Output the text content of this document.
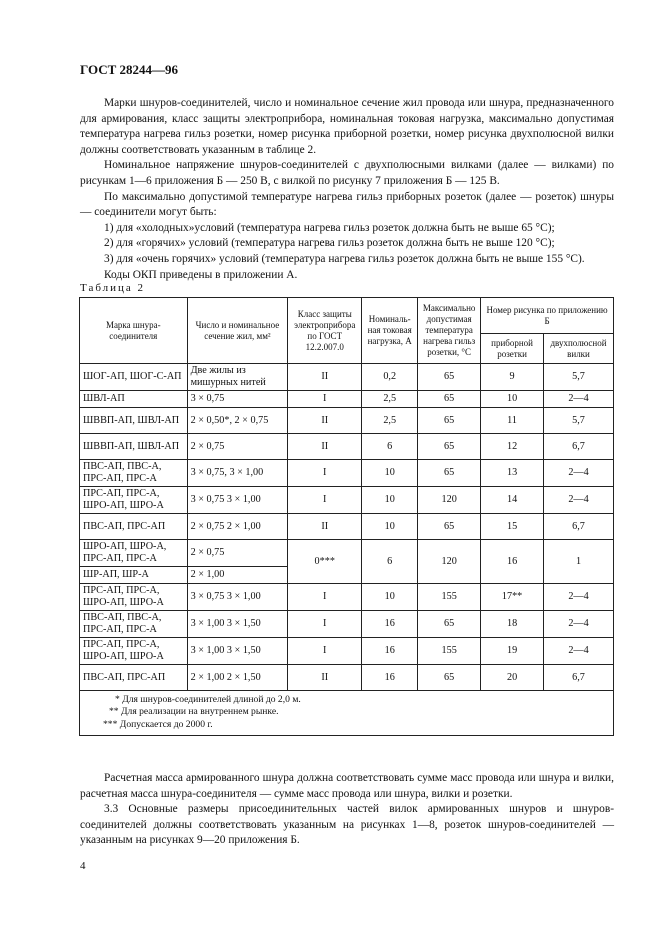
ГОСТ 28244—96

Марки шнуров-соединителей, число и номинальное сечение жил провода или шнура, предназначенного для армирования, класс защиты электроприбора, номинальная токовая нагрузка, максимально допустимая температура нагрева гильз розетки, номер рисунка приборной розетки, номер рисунка двухполюсной вилки должны соответствовать указанным в таблице 2.

Номинальное напряжение шнуров-соединителей с двухполюсными вилками (далее — вилками) по рисункам 1—6 приложения Б — 250 В, с вилкой по рисунку 7 приложения Б — 125 В.

По максимально допустимой температуре нагрева гильз приборных розеток (далее — розеток) шнуры — соединители могут быть:

1) для «холодных»условий (температура нагрева гильз розеток должна быть не выше 65 °С);

2) для «горячих» условий (температура нагрева гильз розеток должна быть не выше 120 °С);

3) для «очень горячих» условий (температура нагрева гильз розеток должна быть не выше 155 °С).

Коды ОКП приведены в приложении А.

Таблица 2
Марка шнура-соединителя	Число и номинальное сечение жил, мм²	Класс защиты электроприбора по ГОСТ 12.2.007.0	Номиналь-ная токовая нагрузка, А	Максимально допустимая температура нагрева гильз розетки, °С	Номер рисунка по приложению Б	
					приборной розетки	двухполюсной вилки
ШОГ-АП, ШОГ-С-АП	Две жилы из мишурных нитей	II	0,2	65	9	5,7
ШВЛ-АП	3 × 0,75	I	2,5	65	10	2—4
ШВВП-АП, ШВЛ-АП	2 × 0,50*, 2 × 0,75	II	2,5	65	11	5,7
ШВВП-АП, ШВЛ-АП	2 × 0,75	II	6	65	12	6,7
ПВС-АП, ПВС-А, ПРС-АП, ПРС-А	3 × 0,75, 3 × 1,00	I	10	65	13	2—4
ПРС-АП, ПРС-А, ШРО-АП, ШРО-А	3 × 0,75 3 × 1,00	I	10	120	14	2—4
ПВС-АП, ПРС-АП	2 × 0,75 2 × 1,00	II	10	65	15	6,7
ШРО-АП, ШРО-А, ПРС-АП, ПРС-А	2 × 0,75	0***	6	120	16	1
ШР-АП, ШР-А	2 × 1,00					
ПРС-АП, ПРС-А, ШРО-АП, ШРО-А	3 × 0,75 3 × 1,00	I	10	155	17**	2—4
ПВС-АП, ПВС-А, ПРС-АП, ПРС-А	3 × 1,00 3 × 1,50	I	16	65	18	2—4
ПРС-АП, ПРС-А, ШРО-АП, ШРО-А	3 × 1,00 3 × 1,50	I	16	155	19	2—4
ПВС-АП, ПРС-АП	2 × 1,00 2 × 1,50	II	16	65	20	6,7

* Для шнуров-соединителей длиной до 2,0 м.
** Для реализации на внутреннем рынке.
*** Допускается до 2000 г.						

Расчетная масса армированного шнура должна соответствовать сумме масс провода или шнура и вилки, расчетная масса шнура-соединителя — сумме масс провода или шнура, вилки и розетки.

3.3 Основные размеры присоединительных частей вилок армированных шнуров и шнуров-соединителей должны соответствовать указанным на рисунках 1—8, розеток шнуров-соединителей — указанным на рисунках 9—20 приложения Б.

4
